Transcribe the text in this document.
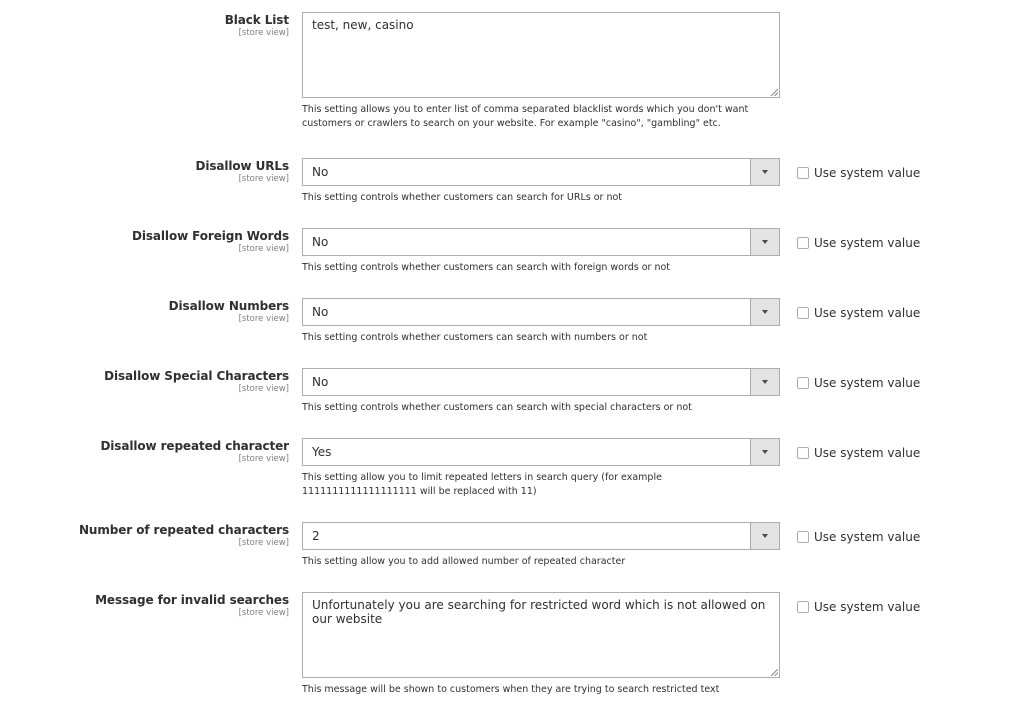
Black List
[store view]
test, new, casino
This setting allows you to enter list of comma separated blacklist words which you don't want customers or crawlers to search on your website. For example "casino", "gambling" etc.
Disallow URLs
[store view] No
This setting controls whether customers can search for URLs or not
Use system value
Disallow Foreign Words
[store view] No
This setting controls whether customers can search with foreign words or not
Use system value
Disallow Numbers
[store view] No
This setting controls whether customers can search with numbers or not
Use system value
Disallow Special Characters
[store view] No
This setting controls whether customers can search with special characters or not
Use system value
Disallow repeated character
[store view] Yes
This setting allow you to limit repeated letters in search query (for example 1111111111111111111 will be replaced with 11)
Use system value
Number of repeated characters
[store view] 2
This setting allow you to add allowed number of repeated character
Use system value
Message for invalid searches
[store view]
Unfortunately you are searching for restricted word which is not allowed on our website
This message will be shown to customers when they are trying to search restricted text
Use system value
